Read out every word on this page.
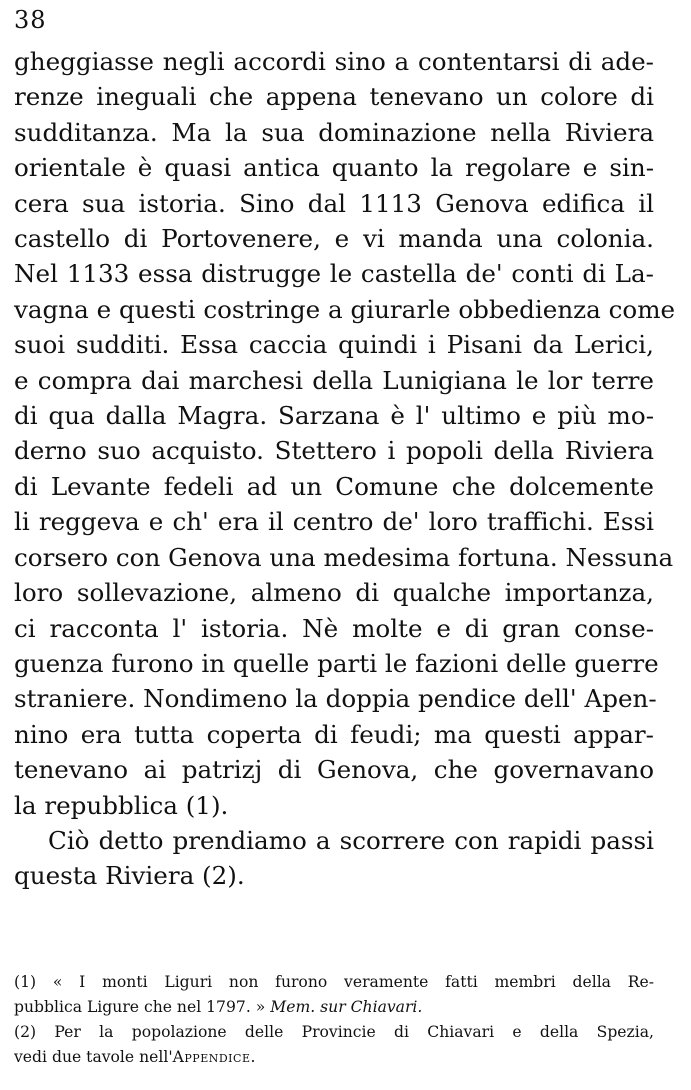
38
gheggiasse negli accordi sino a contentarsi di ade-
renze ineguali che appena tenevano un colore di
sudditanza. Ma la sua dominazione nella Riviera
orientale è quasi antica quanto la regolare e sin-
cera sua istoria. Sino dal 1113 Genova edifica il
castello di Portovenere, e vi manda una colonia.
Nel 1133 essa distrugge le castella de' conti di La-
vagna e questi costringe a giurarle obbedienza come
suoi sudditi. Essa caccia quindi i Pisani da Lerici,
e compra dai marchesi della Lunigiana le lor terre
di qua dalla Magra. Sarzana è l' ultimo e più mo-
derno suo acquisto. Stettero i popoli della Riviera
di Levante fedeli ad un Comune che dolcemente
li reggeva e ch' era il centro de' loro traffichi. Essi
corsero con Genova una medesima fortuna. Nessuna
loro sollevazione, almeno di qualche importanza,
ci racconta l' istoria. Nè molte e di gran conse-
guenza furono in quelle parti le fazioni delle guerre
straniere. Nondimeno la doppia pendice dell' Apen-
nino era tutta coperta di feudi; ma questi appar-
tenevano ai patrizj di Genova, che governavano
la repubblica (1).
Ciò detto prendiamo a scorrere con rapidi passi
questa Riviera (2).
(1) « I monti Liguri non furono veramente fatti membri della Re-
pubblica Ligure che nel 1797. » Mem. sur Chiavari.
(2) Per la popolazione delle Provincie di Chiavari e della Spezia,
vedi due tavole nell'Appendice.
